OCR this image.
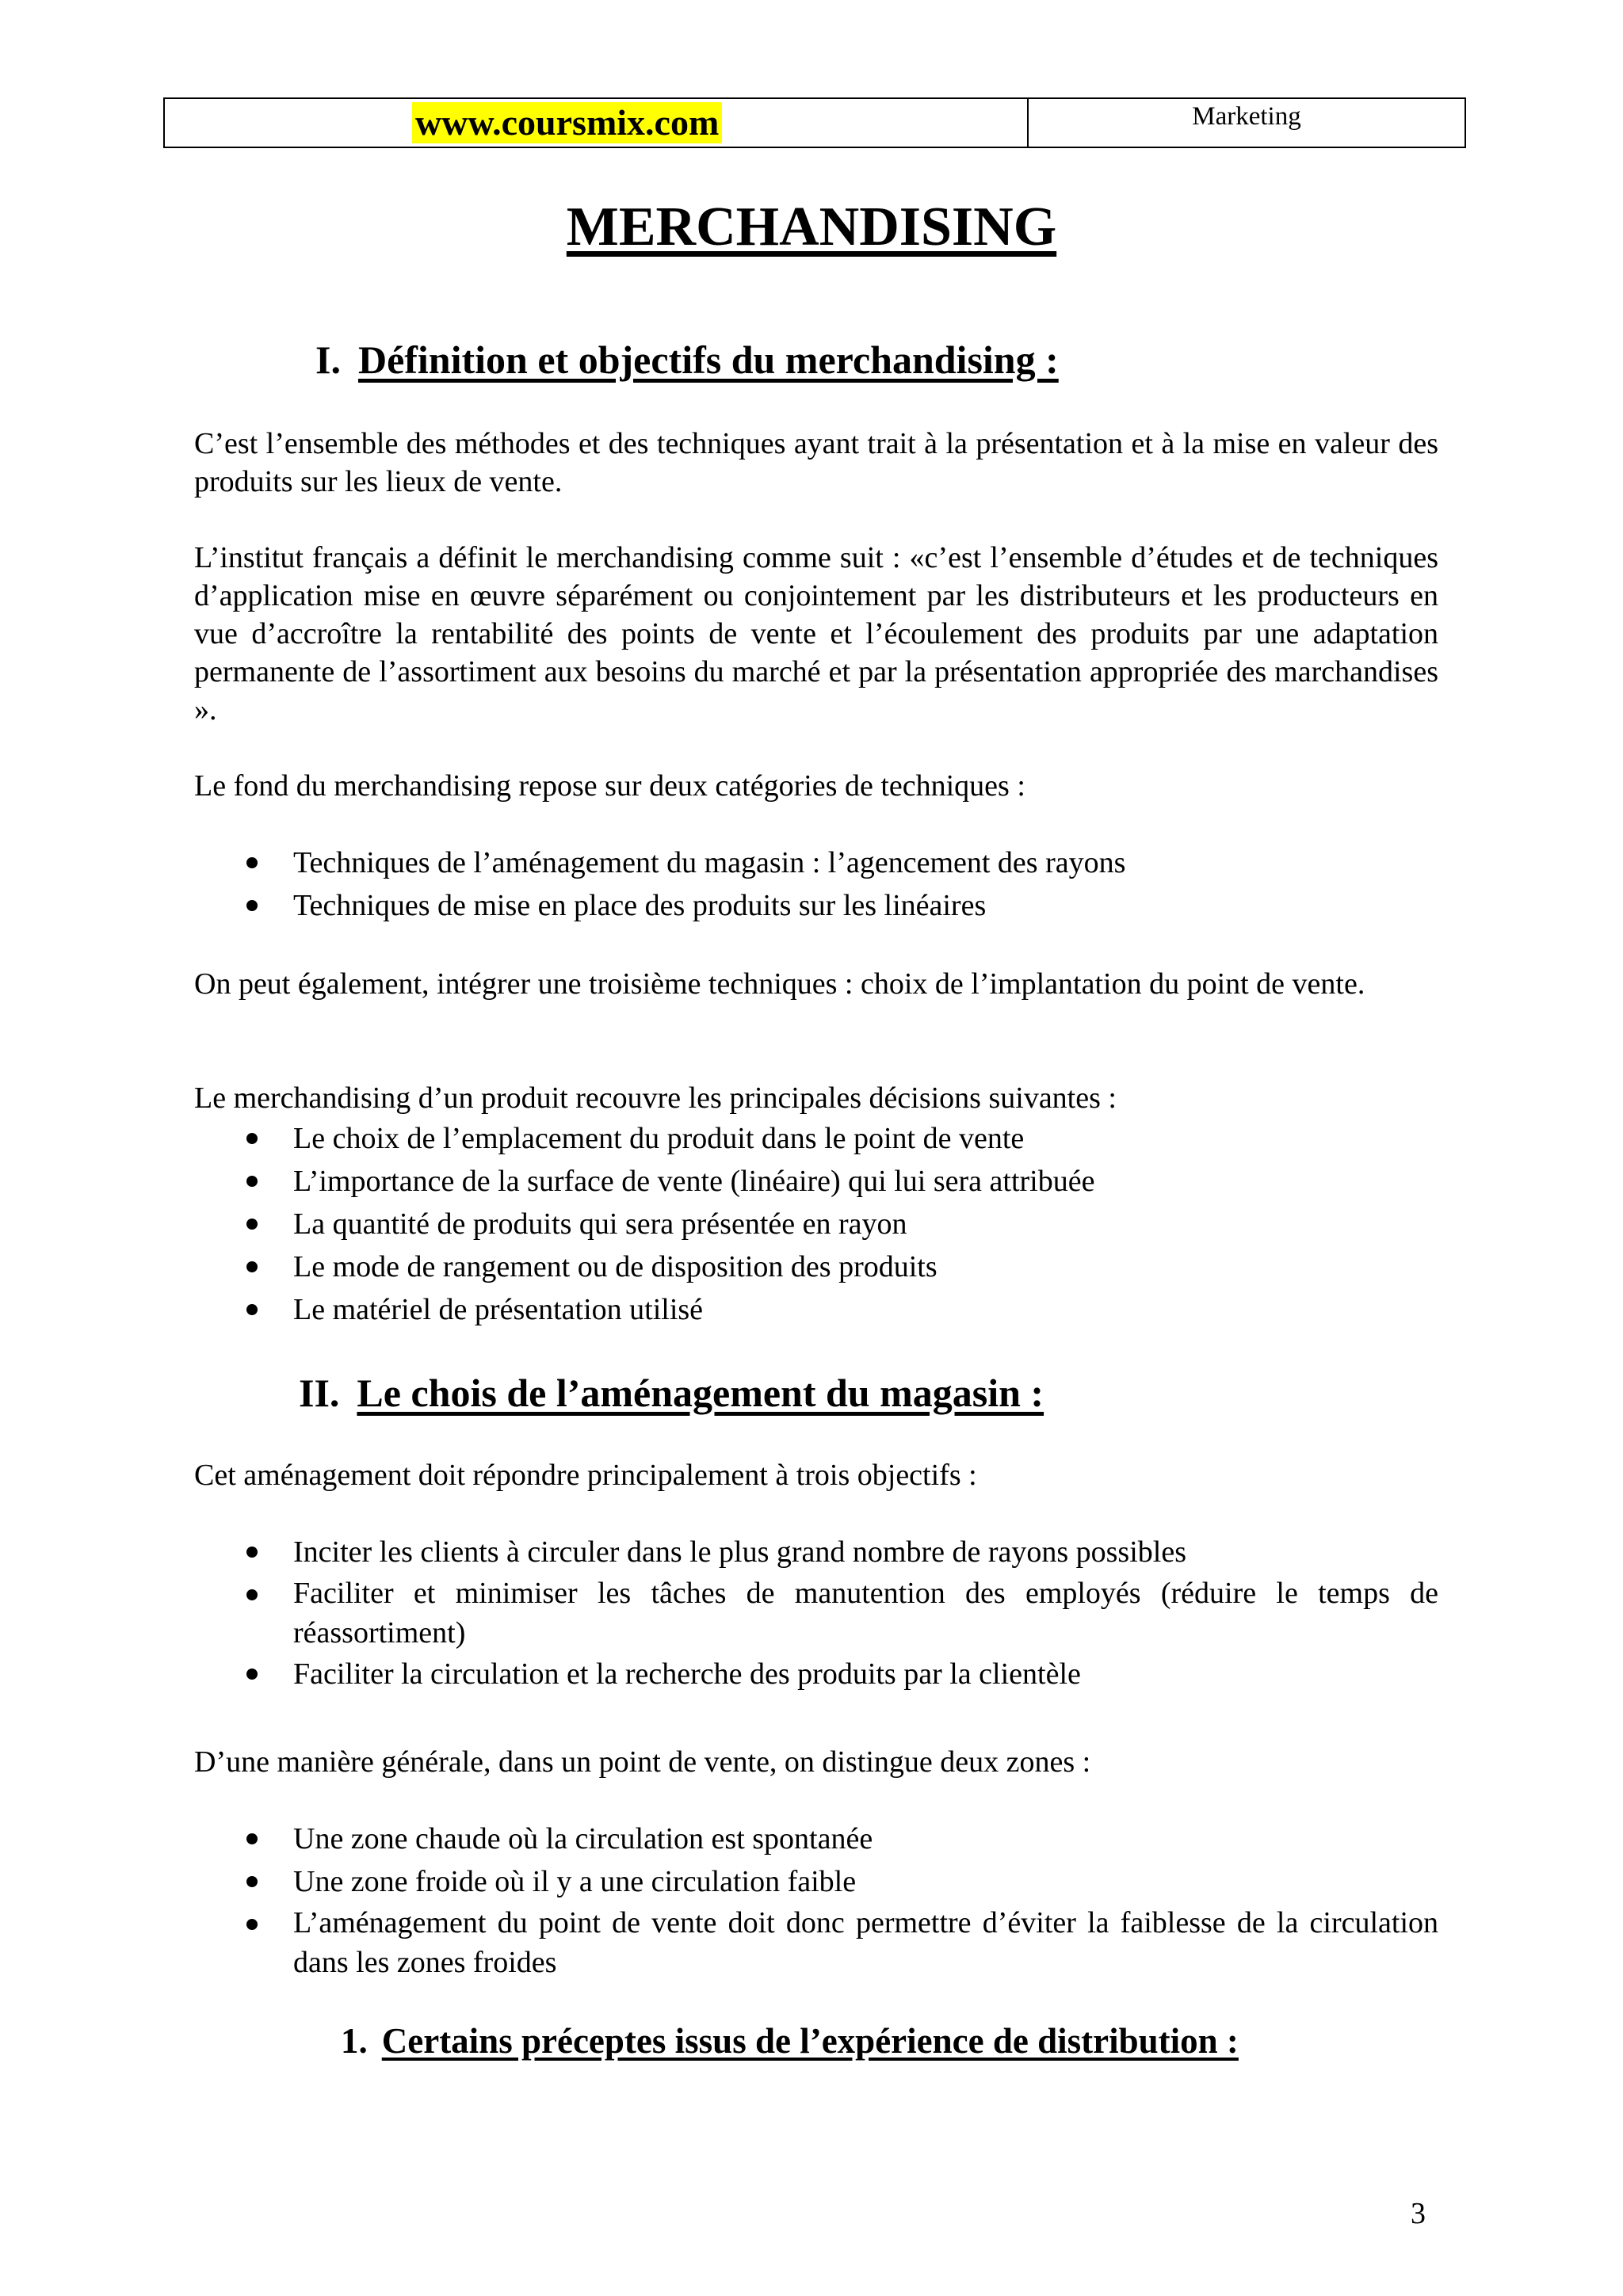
www.coursmix.com	Marketing
MERCHANDISING
I. Définition et objectifs du merchandising :
C’est l’ensemble des méthodes et des techniques ayant trait à la présentation et à la mise en valeur des produits sur les lieux de vente.
L’institut français a définit le merchandising comme suit : «c’est l’ensemble d’études et de techniques d’application mise en œuvre séparément ou conjointement par les distributeurs et les producteurs en vue d’accroître la rentabilité des points de vente et l’écoulement des produits par une adaptation permanente de l’assortiment aux besoins du marché et par la présentation appropriée des marchandises ».
Le fond du merchandising repose sur deux catégories de techniques :
Techniques de l’aménagement du magasin : l’agencement des rayons
Techniques de mise en place des produits sur les linéaires
On peut également, intégrer une troisième techniques : choix de l’implantation du point de vente.
Le merchandising d’un produit recouvre les principales décisions suivantes :
Le choix de l’emplacement du produit dans le point de vente
L’importance de la surface de vente (linéaire) qui lui sera attribuée
La quantité de produits qui sera présentée en rayon
Le mode de rangement ou de disposition des produits
Le matériel de présentation utilisé
II. Le chois de l’aménagement du magasin :
Cet aménagement doit répondre principalement à trois objectifs :
Inciter les clients à circuler dans le plus grand nombre de rayons possibles
Faciliter et minimiser les tâches de manutention des employés (réduire le temps de réassortiment)
Faciliter la circulation et la recherche des produits par la clientèle
D’une manière générale, dans un point de vente, on distingue deux zones :
Une zone chaude où la circulation est spontanée
Une zone froide où il y a une circulation faible
L’aménagement du point de vente doit donc permettre d’éviter la faiblesse de la circulation dans les zones froides
1. Certains préceptes issus de l’expérience de distribution :
3
